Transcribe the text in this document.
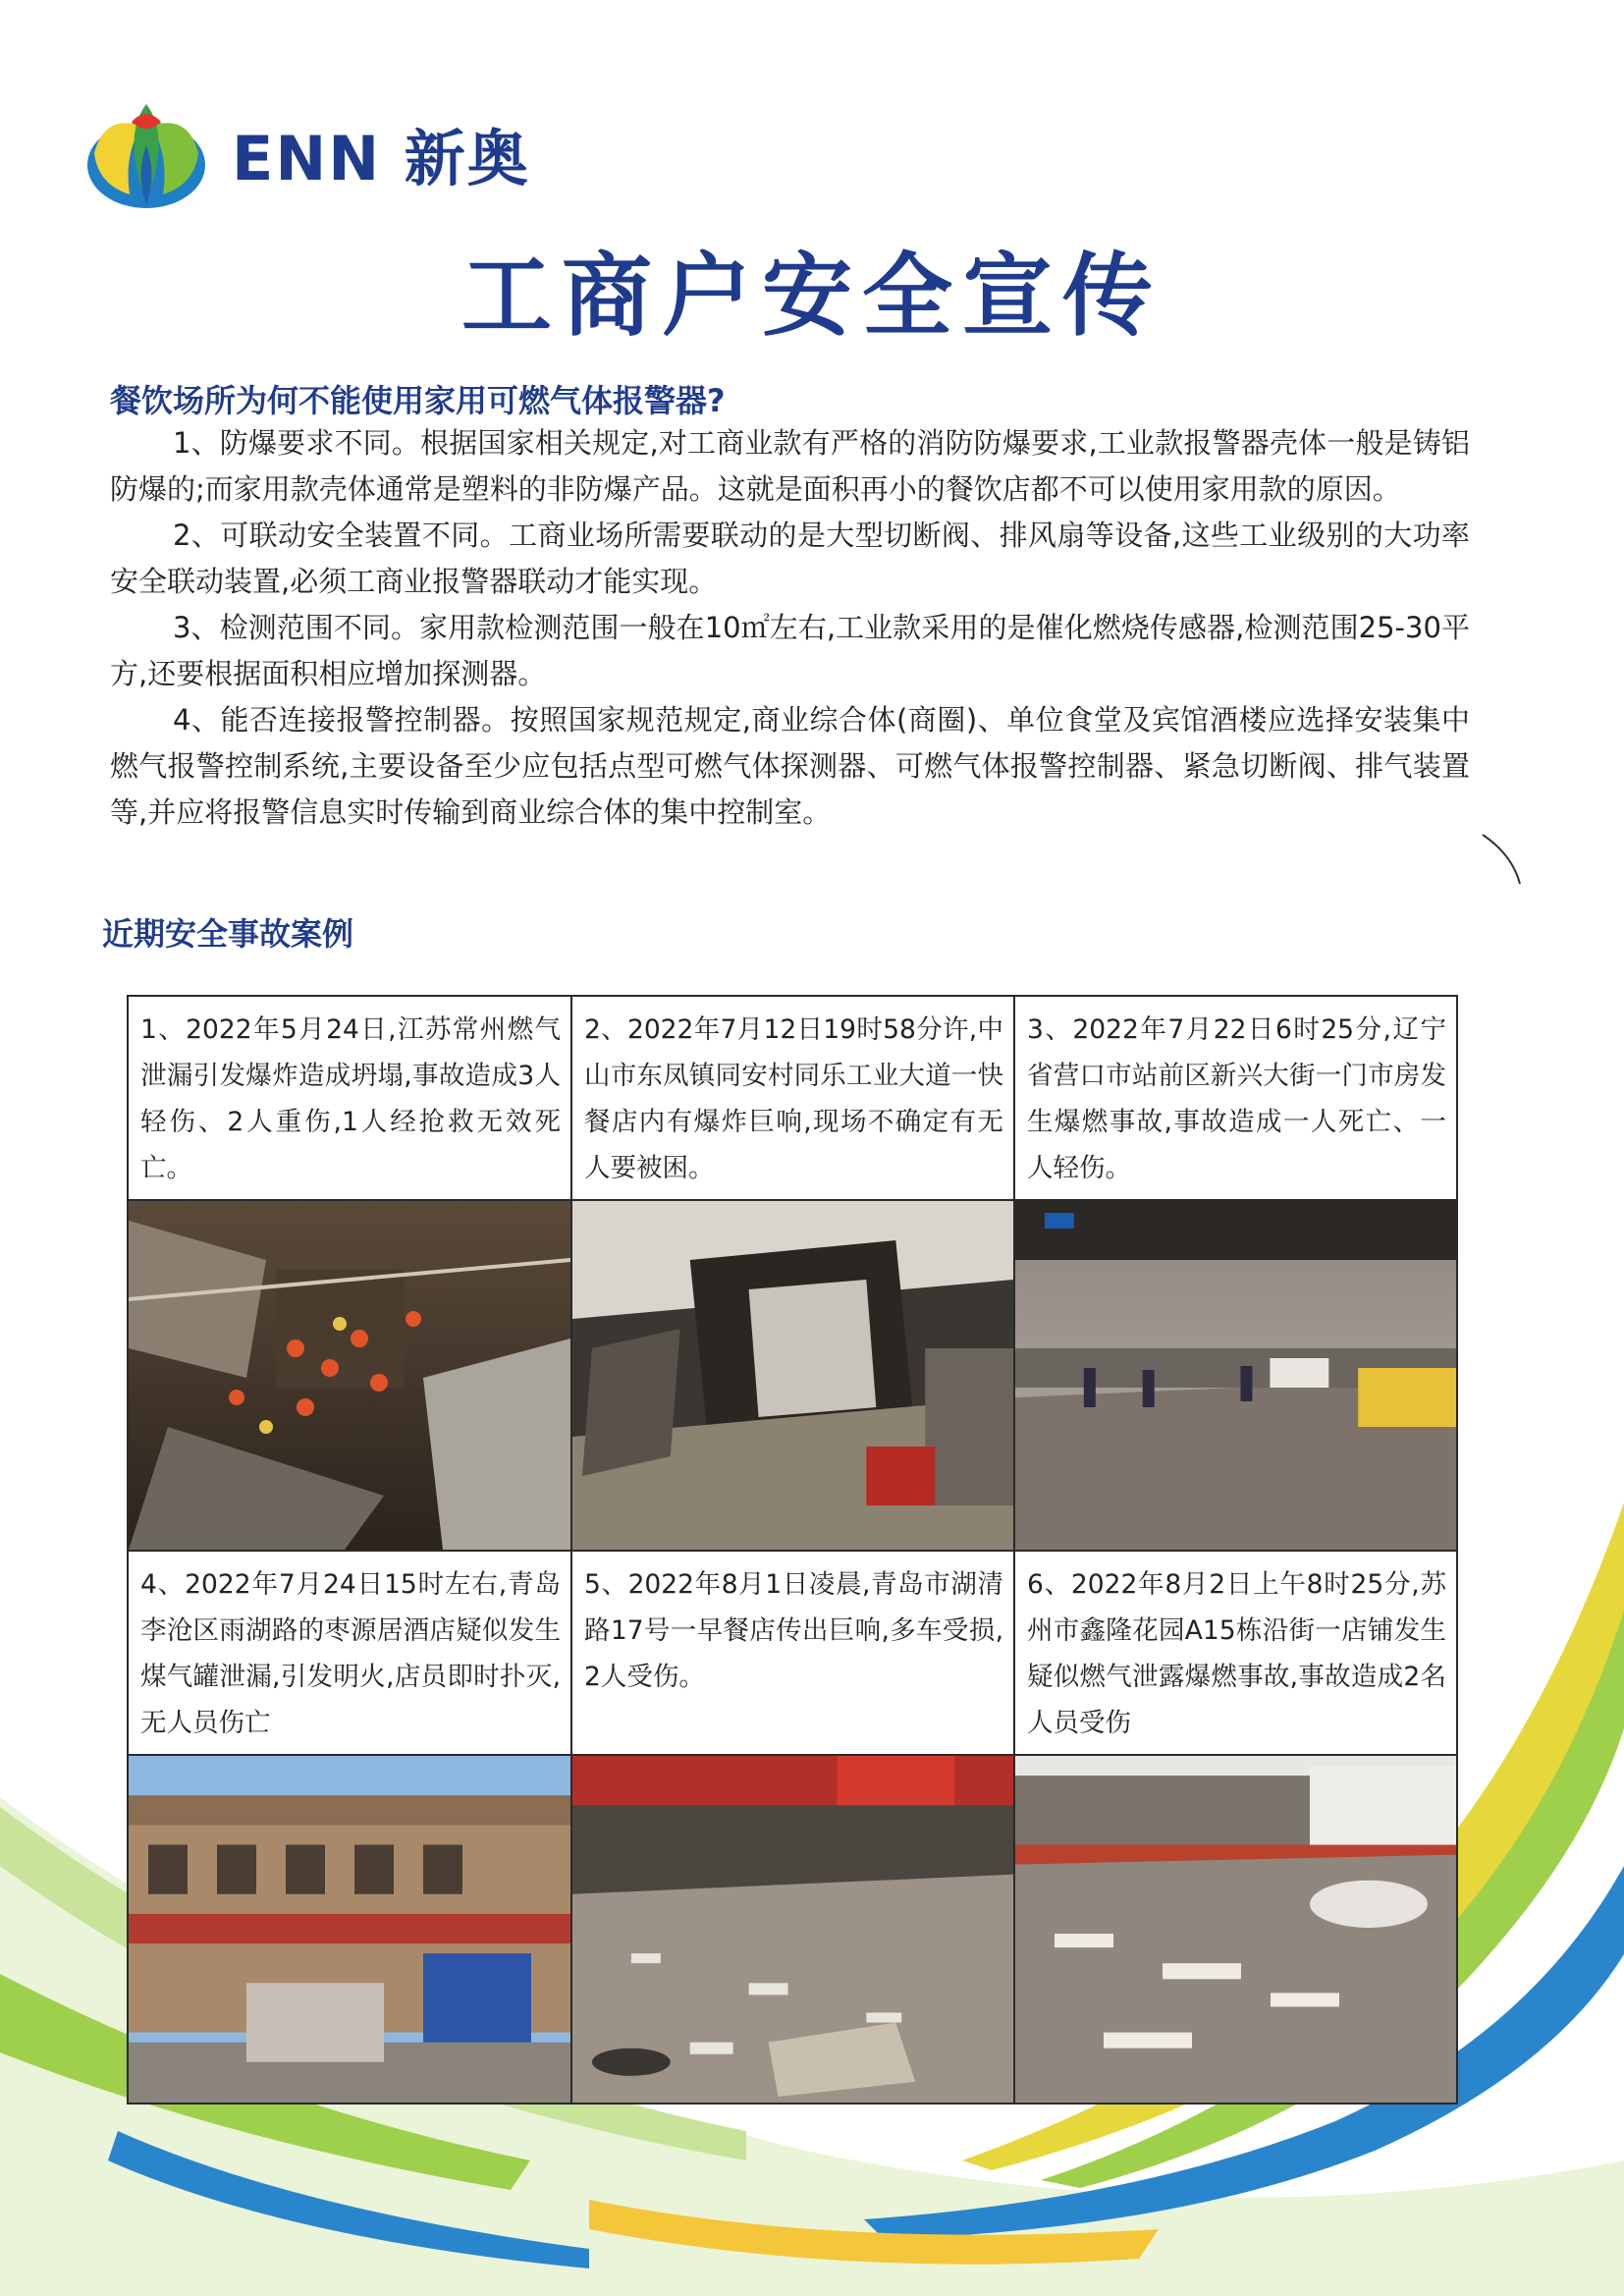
ENN 新奥
工商户安全宣传
餐饮场所为何不能使用家用可燃气体报警器?

1、防爆要求不同。根据国家相关规定,对工商业款有严格的消防防爆要求,工业款报警器壳体一般是铸铝防爆的;而家用款壳体通常是塑料的非防爆产品。这就是面积再小的餐饮店都不可以使用家用款的原因。

2、可联动安全装置不同。工商业场所需要联动的是大型切断阀、排风扇等设备,这些工业级别的大功率安全联动装置,必须工商业报警器联动才能实现。

3、检测范围不同。家用款检测范围一般在10㎡左右,工业款采用的是催化燃烧传感器,检测范围25-30平方,还要根据面积相应增加探测器。

4、能否连接报警控制器。按照国家规范规定,商业综合体(商圈)、单位食堂及宾馆酒楼应选择安装集中燃气报警控制系统,主要设备至少应包括点型可燃气体探测器、可燃气体报警控制器、紧急切断阀、排气装置等,并应将报警信息实时传输到商业综合体的集中控制室。

近期安全事故案例
1、2022年5月24日,江苏常州燃气泄漏引发爆炸造成坍塌,事故造成3人轻伤、2人重伤,1人经抢救无效死亡。
2、2022年7月12日19时58分许,中山市东凤镇同安村同乐工业大道一快餐店内有爆炸巨响,现场不确定有无人要被困。
3、2022年7月22日6时25分,辽宁省营口市站前区新兴大街一门市房发生爆燃事故,事故造成一人死亡、一人轻伤。
4、2022年7月24日15时左右,青岛李沧区雨湖路的枣源居酒店疑似发生煤气罐泄漏,引发明火,店员即时扑灭,无人员伤亡
5、2022年8月1日凌晨,青岛市湖清路17号一早餐店传出巨响,多车受损,2人受伤。
6、2022年8月2日上午8时25分,苏州市鑫隆花园A15栋沿街一店铺发生疑似燃气泄露爆燃事故,事故造成2名人员受伤
